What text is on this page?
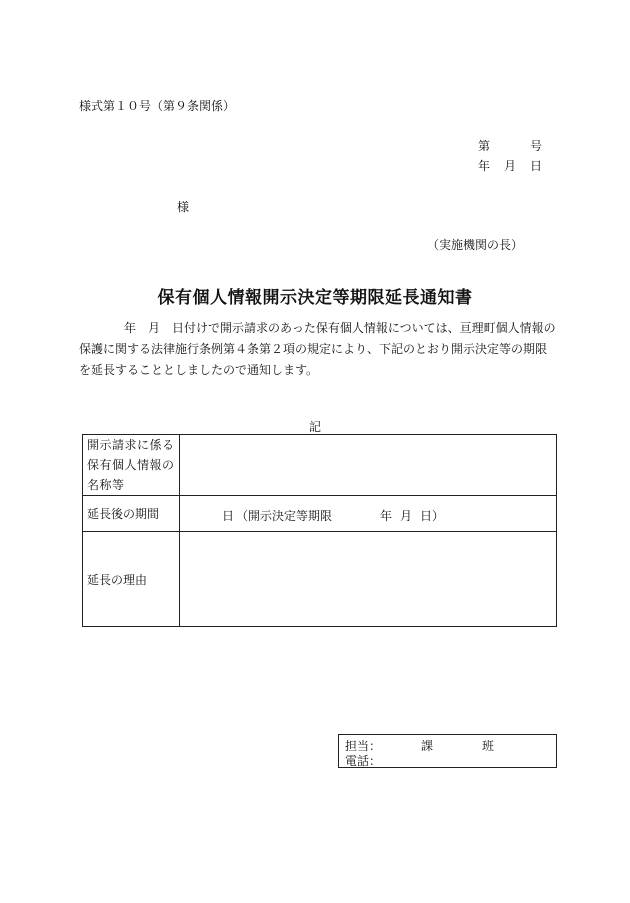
様式第１０号（第９条関係）
第	号
年 月 日
様
（実施機関の長）
保有個人情報開示決定等期限延長通知書
年　月　日付けで開示請求のあった保有個人情報については、亘理町個人情報の保護に関する法律施行条例第４条第２項の規定により、下記のとおり開示決定等の期限を延長することとしましたので通知します。
記
開示請求に係る保有個人情報の名称等	
延長後の期間	日 （開示決定等期限 年 月 日）

延長の理由	
担当：	課	班
電話：
